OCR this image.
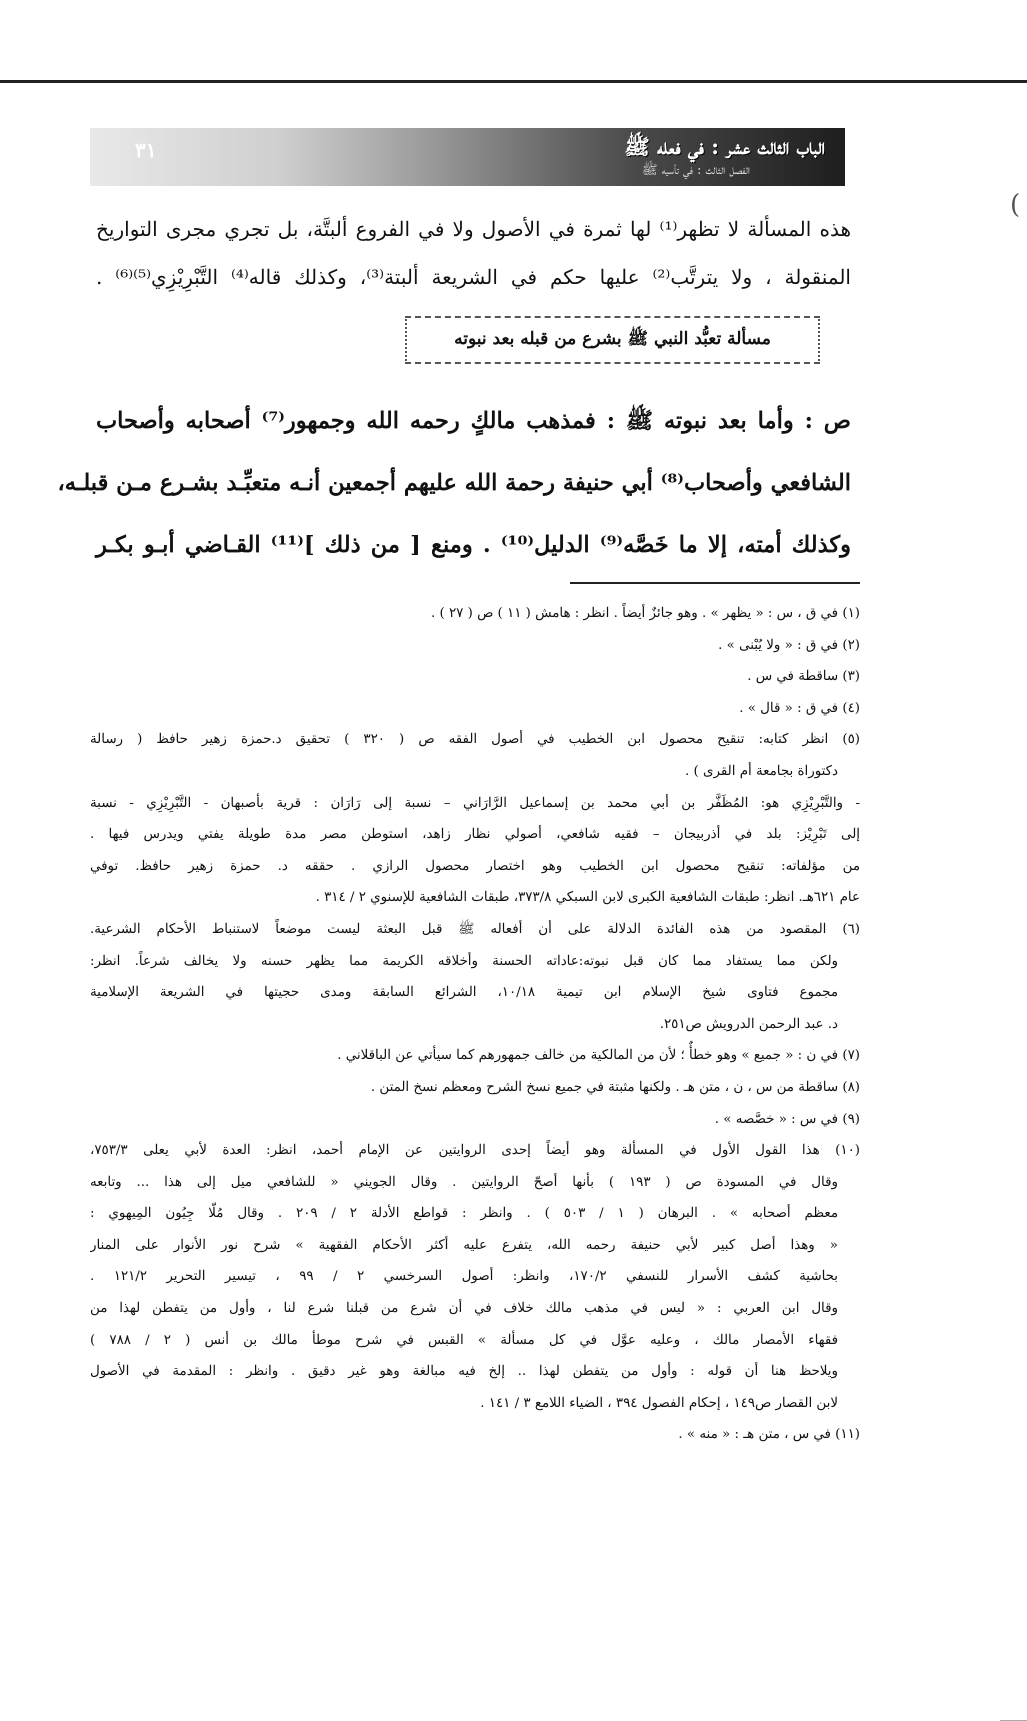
الباب الثالث عشر : في فعله ﷺ
الفصل الثالث : في تأسيه ﷺ
٣١
(
هذه المسألة لا تظهر⁽¹⁾ لها ثمرة في الأصول ولا في الفروع ألبتَّة، بل تجري مجرى التواريخ
المنقولة ، ولا يترتَّب⁽²⁾ عليها حكم في الشريعة ألبتة⁽³⁾، وكذلك قاله⁽⁴⁾ التَّبْرِيْزِي⁽⁵⁾⁽⁶⁾ .
مسألة تعبُّد النبي ﷺ بشرع من قبله بعد نبوته
ص : وأما بعد نبوته ﷺ : فمذهب مالكٍ رحمه الله وجمهور⁽⁷⁾ أصحابه وأصحاب
الشافعي وأصحاب⁽⁸⁾ أبي حنيفة رحمة الله عليهم أجمعين أنـه متعبِّـد بشـرع مـن قبلـه،
وكذلك أمته، إلا ما خَصَّه⁽⁹⁾ الدليل⁽¹⁰⁾ . ومنع [ من ذلك ]⁽¹¹⁾ القـاضي أبـو بكـر
(١) في ق ، س : « يظهر » . وهو جائزٌ أيضاً . انظر : هامش ( ١١ ) ص ( ٢٧ ) .
(٢) في ق : « ولا يُبْنى » .
(٣) ساقطة في س .
(٤) في ق : « قال » .
(٥) انظر كتابه: تنقيح محصول ابن الخطيب في أصول الفقه ص ( ٣٢٠ ) تحقيق د.حمزة زهير حافظ ( رسالة
دكتوراة بجامعة أم القرى ) .
- والتَّبْرِيْزِي هو: المُظَفَّر بن أبي محمد بن إسماعيل الرَّارَاني – نسبة إلى رَارَان : قرية بأصبهان - التَّبْرِيْزِي - نسبة
إلى تَبْرِيْز: بلد في أذربيجان – فقيه شافعي، أصولي نظار زاهد، استوطن مصر مدة طويلة يفتي ويدرس فيها .
من مؤلفاته: تنقيح محصول ابن الخطيب وهو اختصار محصول الرازي . حققه د. حمزة زهير حافظ. توفي
عام ٦٢١هـ. انظر: طبقات الشافعية الكبرى لابن السبكي ٣٧٣/٨، طبقات الشافعية للإسنوي ٢ / ٣١٤ .
(٦) المقصود من هذه الفائدة الدلالة على أن أفعاله ﷺ قبل البعثة ليست موضعاً لاستنباط الأحكام الشرعية.
ولكن مما يستفاد مما كان قبل نبوته:عاداته الحسنة وأخلاقه الكريمة مما يظهر حسنه ولا يخالف شرعاً. انظر:
مجموع فتاوى شيخ الإسلام ابن تيمية ١٠/١٨، الشرائع السابقة ومدى حجيتها في الشريعة الإسلامية
د. عبد الرحمن الدرويش ص٢٥١.
(٧) في ن : « جميع » وهو خطأٌ ؛ لأن من المالكية من خالف جمهورهم كما سيأتي عن الباقلاني .
(٨) ساقطة من س ، ن ، متن هـ . ولكنها مثبتة في جميع نسخ الشرح ومعظم نسخ المتن .
(٩) في س : « خصَّصه » .
(١٠) هذا القول الأول في المسألة وهو أيضاً إحدى الروايتين عن الإمام أحمد، انظر: العدة لأبي يعلى ٧٥٣/٣،
وقال في المسودة ص ( ١٩٣ ) بأنها أصحّ الروايتين . وقال الجويني « للشافعي ميل إلى هذا ... وتابعه
معظم أصحابه » . البرهان ( ١ / ٥٠٣ ) . وانظر : قواطع الأدلة ٢ / ٢٠٩ . وقال مُلّا جِيُون المِيهوي :
« وهذا أصل كبير لأبي حنيفة رحمه الله، يتفرع عليه أكثر الأحكام الفقهية » شرح نور الأنوار على المنار
بحاشية كشف الأسرار للنسفي ١٧٠/٢، وانظر: أصول السرخسي ٢ / ٩٩ ، تيسير التحرير ١٢١/٢ .
وقال ابن العربي : « ليس في مذهب مالك خلاف في أن شرع من قبلنا شرع لنا ، وأول من يتفطن لهذا من
فقهاء الأمصار مالك ، وعليه عوَّل في كل مسألة » القبس في شرح موطأ مالك بن أنس ( ٢ / ٧٨٨ )
ويلاحظ هنا أن قوله : وأول من يتفطن لهذا .. إلخ فيه مبالغة وهو غير دقيق . وانظر : المقدمة في الأصول
لابن القصار ص١٤٩ ، إحكام الفصول ٣٩٤ ، الضياء اللامع ٣ / ١٤١ .
(١١) في س ، متن هـ : « منه » .
